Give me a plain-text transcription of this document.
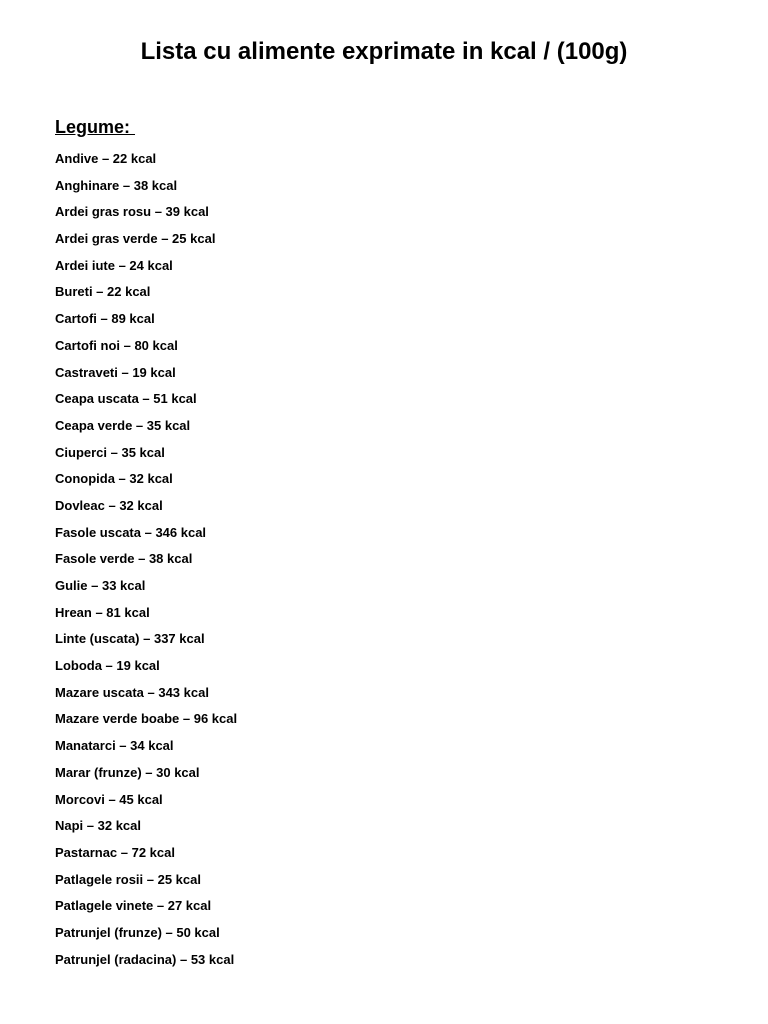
Lista cu alimente exprimate in kcal / (100g)
Legume:
Andive – 22 kcal
Anghinare – 38 kcal
Ardei gras rosu – 39 kcal
Ardei gras verde – 25 kcal
Ardei iute – 24 kcal
Bureti – 22 kcal
Cartofi – 89 kcal
Cartofi noi – 80 kcal
Castraveti – 19 kcal
Ceapa uscata – 51 kcal
Ceapa verde – 35 kcal
Ciuperci – 35 kcal
Conopida – 32 kcal
Dovleac – 32 kcal
Fasole uscata – 346 kcal
Fasole verde – 38 kcal
Gulie – 33 kcal
Hrean – 81 kcal
Linte (uscata) – 337 kcal
Loboda – 19 kcal
Mazare uscata – 343 kcal
Mazare verde boabe – 96 kcal
Manatarci – 34 kcal
Marar (frunze) – 30 kcal
Morcovi – 45 kcal
Napi – 32 kcal
Pastarnac – 72 kcal
Patlagele rosii – 25 kcal
Patlagele vinete – 27 kcal
Patrunjel (frunze) – 50 kcal
Patrunjel (radacina) – 53 kcal
